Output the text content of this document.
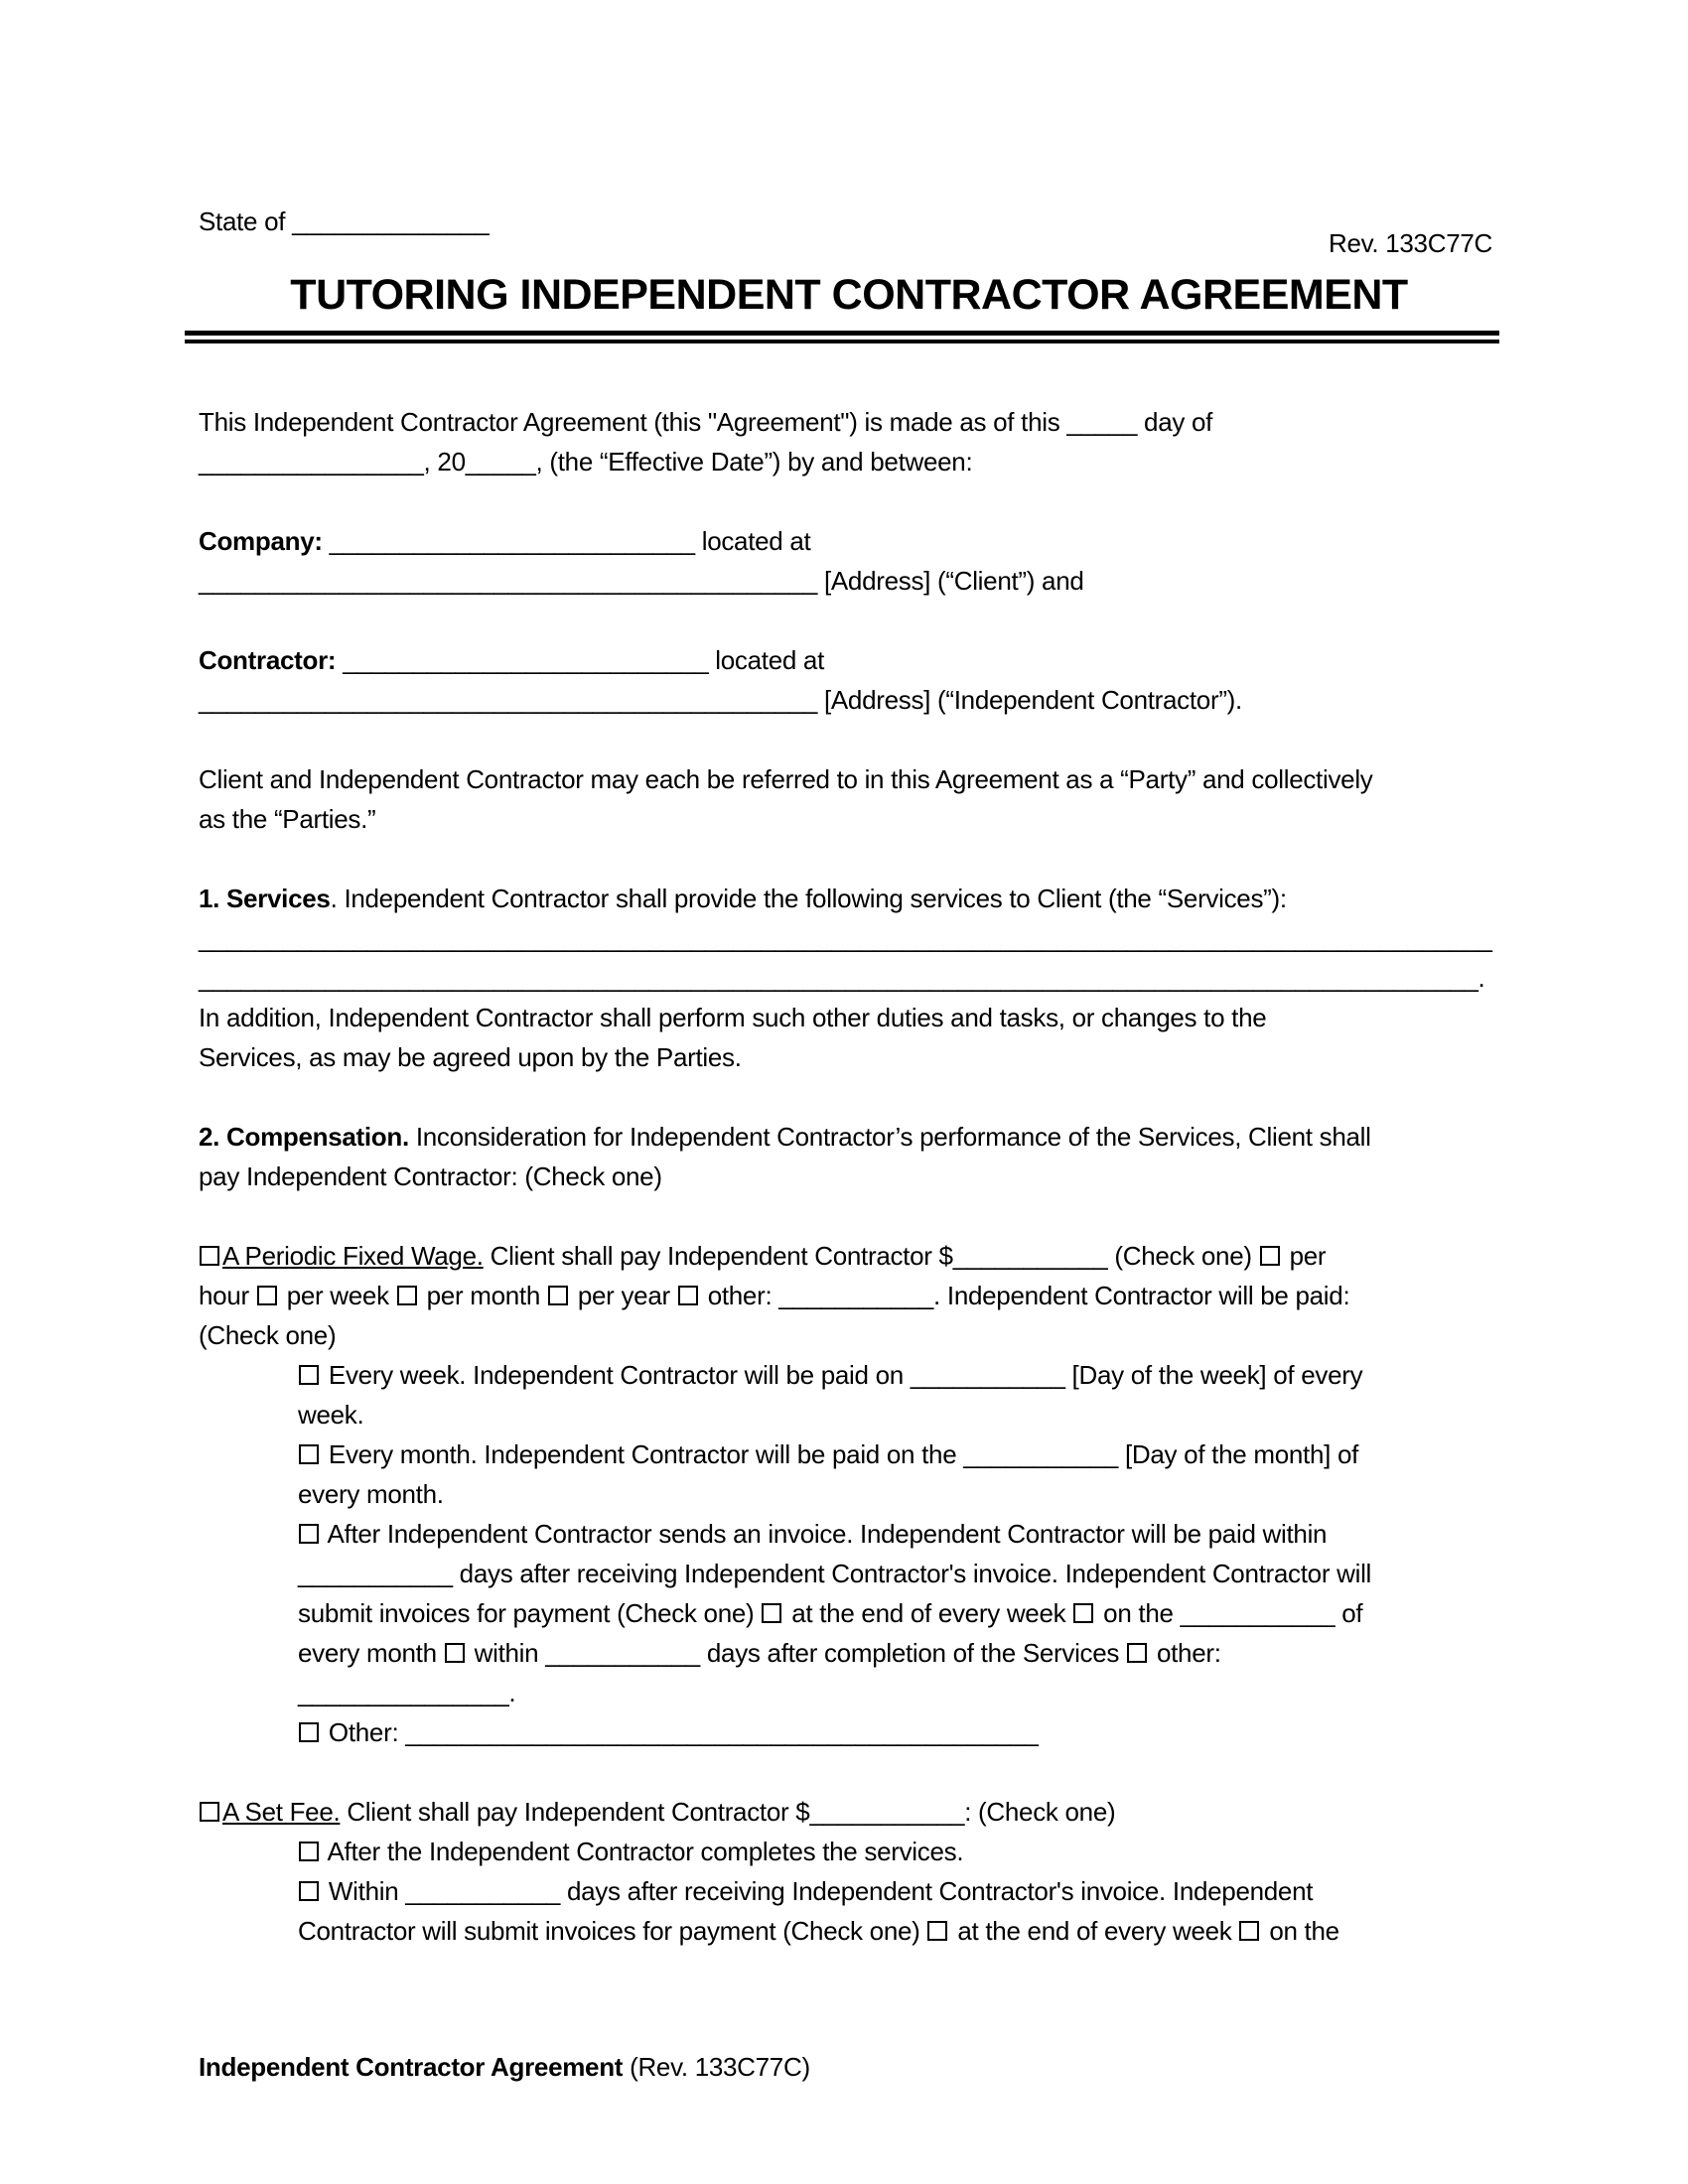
State of ______________
Rev. 133C77C
TUTORING INDEPENDENT CONTRACTOR AGREEMENT
This Independent Contractor Agreement (this "Agreement") is made as of this _____ day of
________________, 20_____, (the “Effective Date”) by and between:
Company: __________________________ located at
____________________________________________ [Address] (“Client”) and
Contractor: __________________________ located at
____________________________________________ [Address] (“Independent Contractor”).
Client and Independent Contractor may each be referred to in this Agreement as a “Party” and collectively
as the “Parties.”
1. Services. Independent Contractor shall provide the following services to Client (the “Services”):
____________________________________________________________________________________________
___________________________________________________________________________________________.
In addition, Independent Contractor shall perform such other duties and tasks, or changes to the
Services, as may be agreed upon by the Parties.
2. Compensation. Inconsideration for Independent Contractor’s performance of the Services, Client shall
pay Independent Contractor: (Check one)
A Periodic Fixed Wage. Client shall pay Independent Contractor $___________ (Check one)  per
hour  per week  per month  per year  other: ___________. Independent Contractor will be paid:
(Check one)
Every week. Independent Contractor will be paid on ___________ [Day of the week] of every
week.
Every month. Independent Contractor will be paid on the ___________ [Day of the month] of
every month.
After Independent Contractor sends an invoice. Independent Contractor will be paid within
___________ days after receiving Independent Contractor's invoice. Independent Contractor will
submit invoices for payment (Check one)  at the end of every week  on the ___________ of
every month  within ___________ days after completion of the Services  other:
_______________.
Other: _____________________________________________
A Set Fee. Client shall pay Independent Contractor $___________: (Check one)
After the Independent Contractor completes the services.
Within ___________ days after receiving Independent Contractor's invoice. Independent
Contractor will submit invoices for payment (Check one)  at the end of every week  on the
Independent Contractor Agreement (Rev. 133C77C)
